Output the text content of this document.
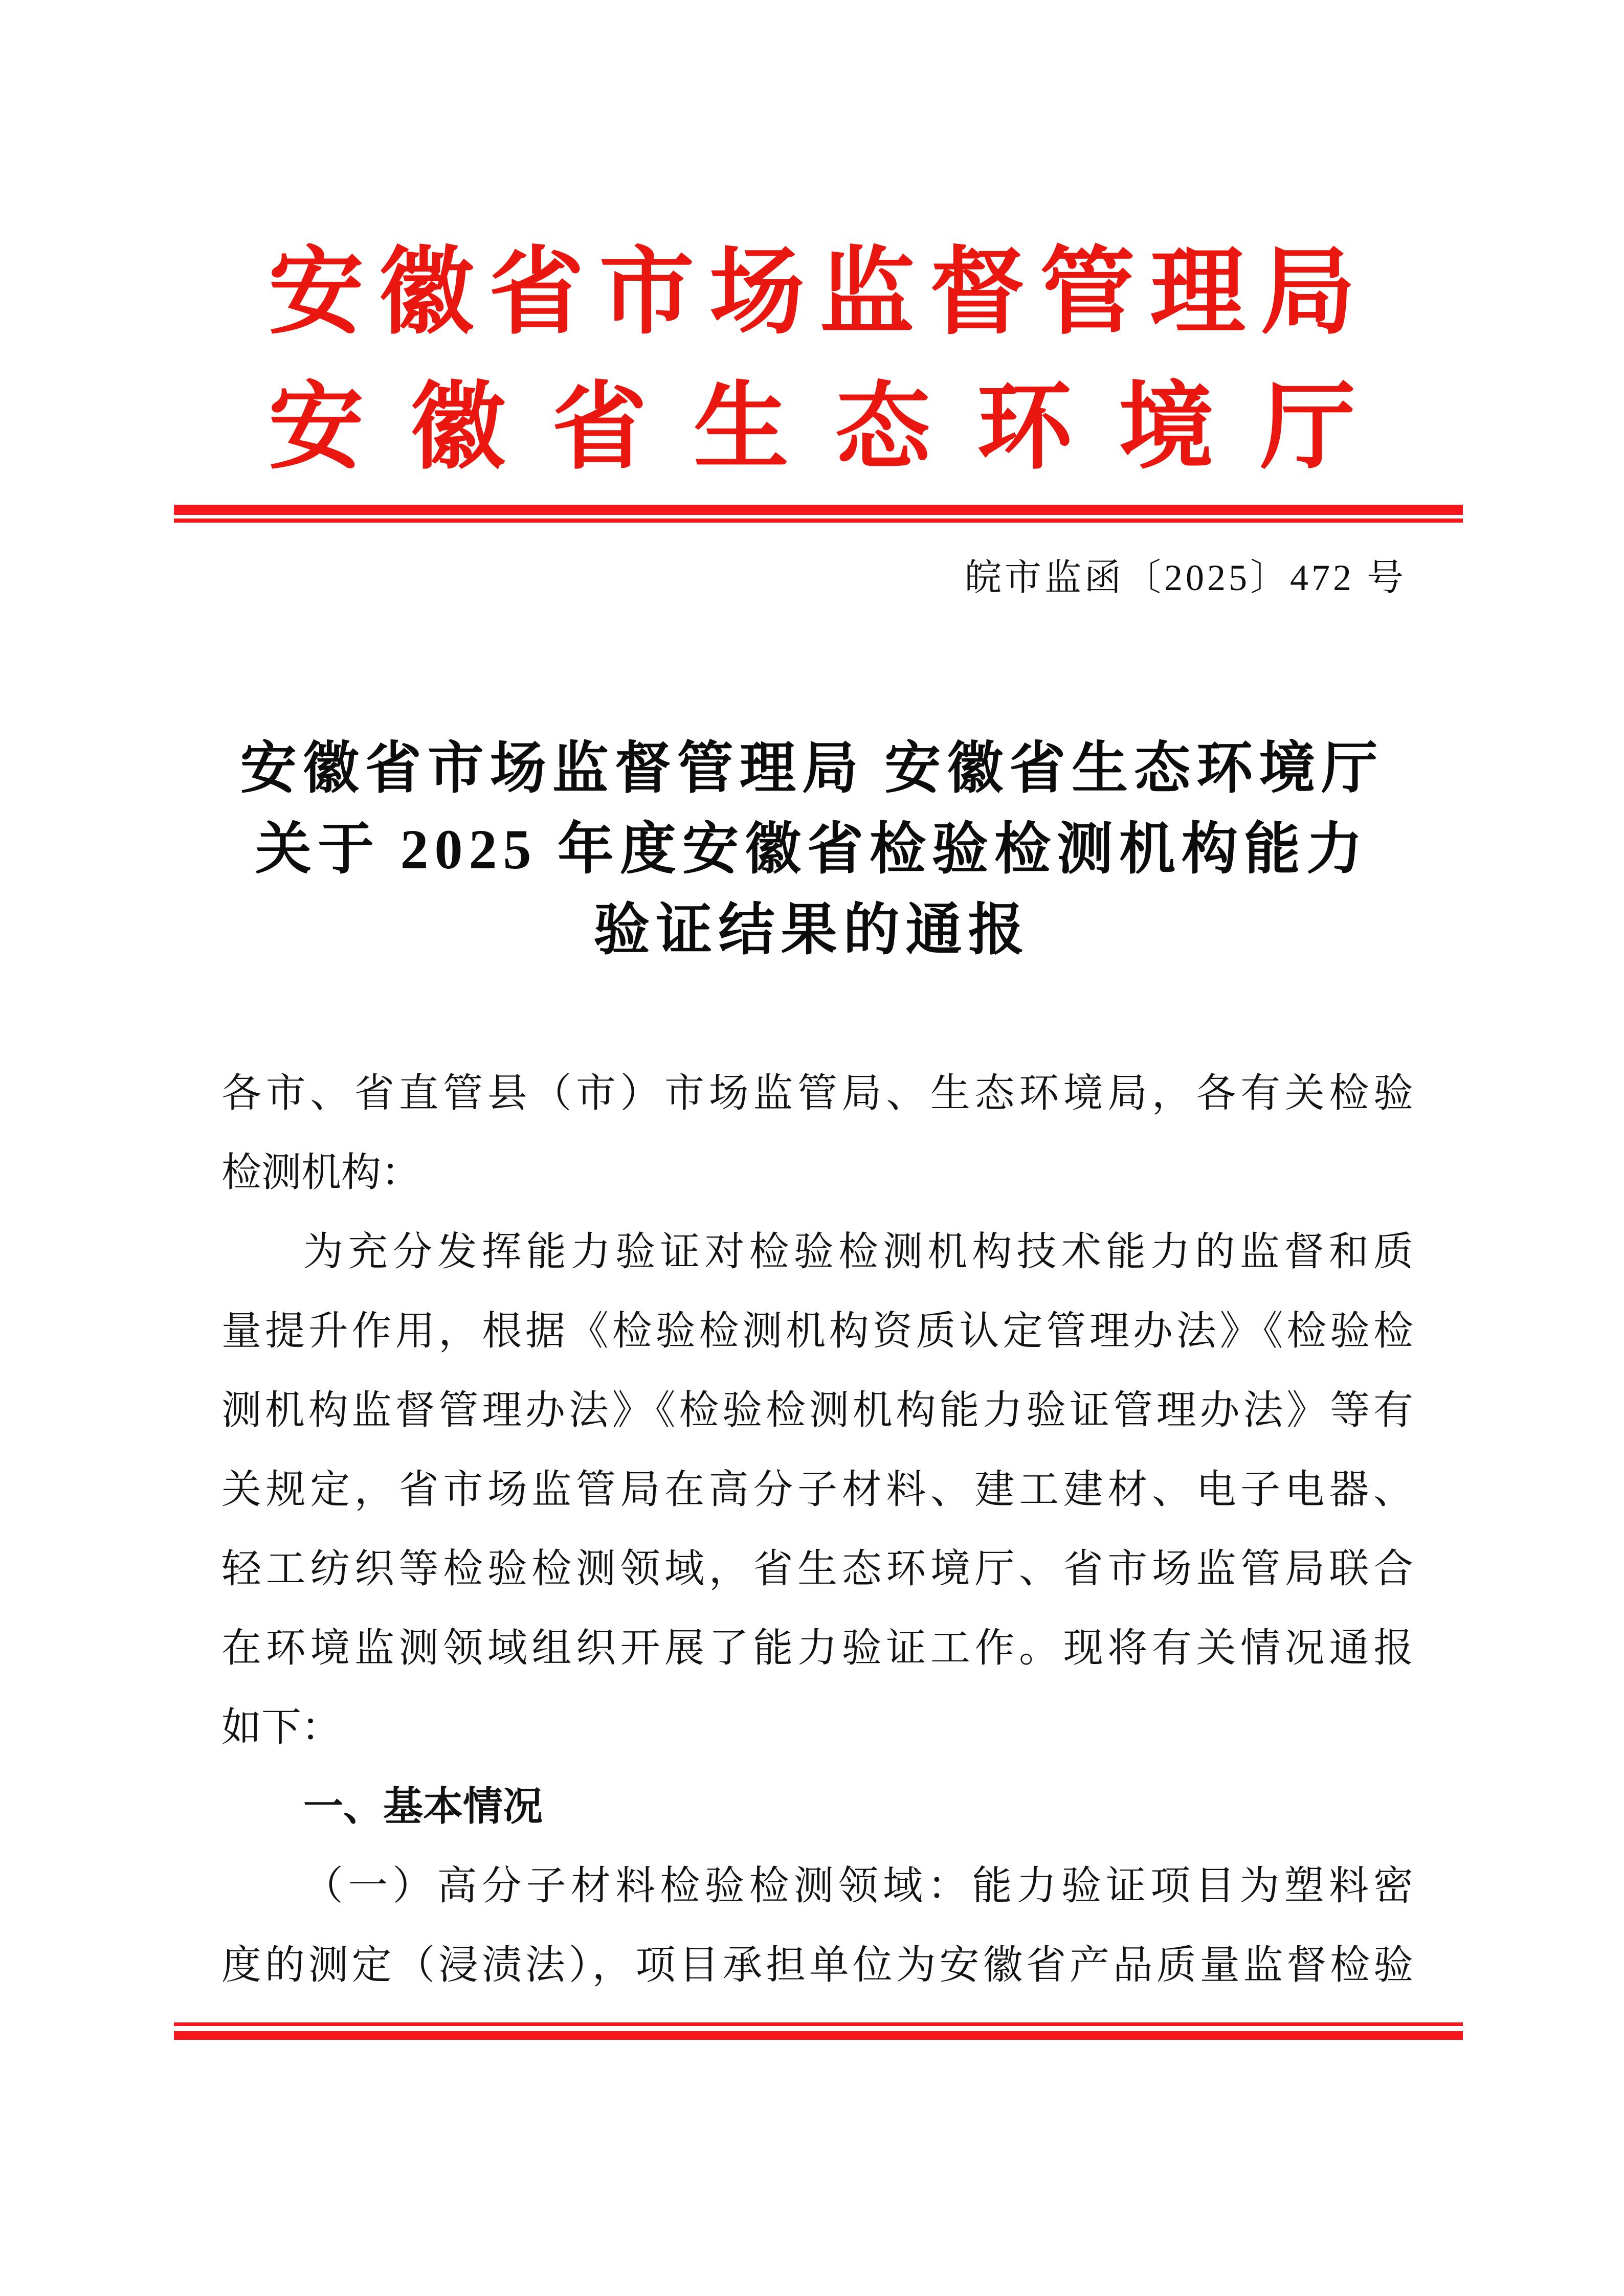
安徽省市场监督管理局
安徽省生态环境厅
皖市监函〔2025〕472 号
安徽省市场监督管理局 安徽省生态环境厅
关于 2025 年度安徽省检验检测机构能力
验证结果的通报
各市、省直管县（市）市场监管局、生态环境局，各有关检验
检测机构：
为充分发挥能力验证对检验检测机构技术能力的监督和质
量提升作用，根据《检验检测机构资质认定管理办法》《检验检
测机构监督管理办法》《检验检测机构能力验证管理办法》等有
关规定，省市场监管局在高分子材料、建工建材、电子电器、
轻工纺织等检验检测领域，省生态环境厅、省市场监管局联合
在环境监测领域组织开展了能力验证工作。现将有关情况通报
如下：
一、基本情况
（一）高分子材料检验检测领域：能力验证项目为塑料密
度的测定（浸渍法），项目承担单位为安徽省产品质量监督检验
